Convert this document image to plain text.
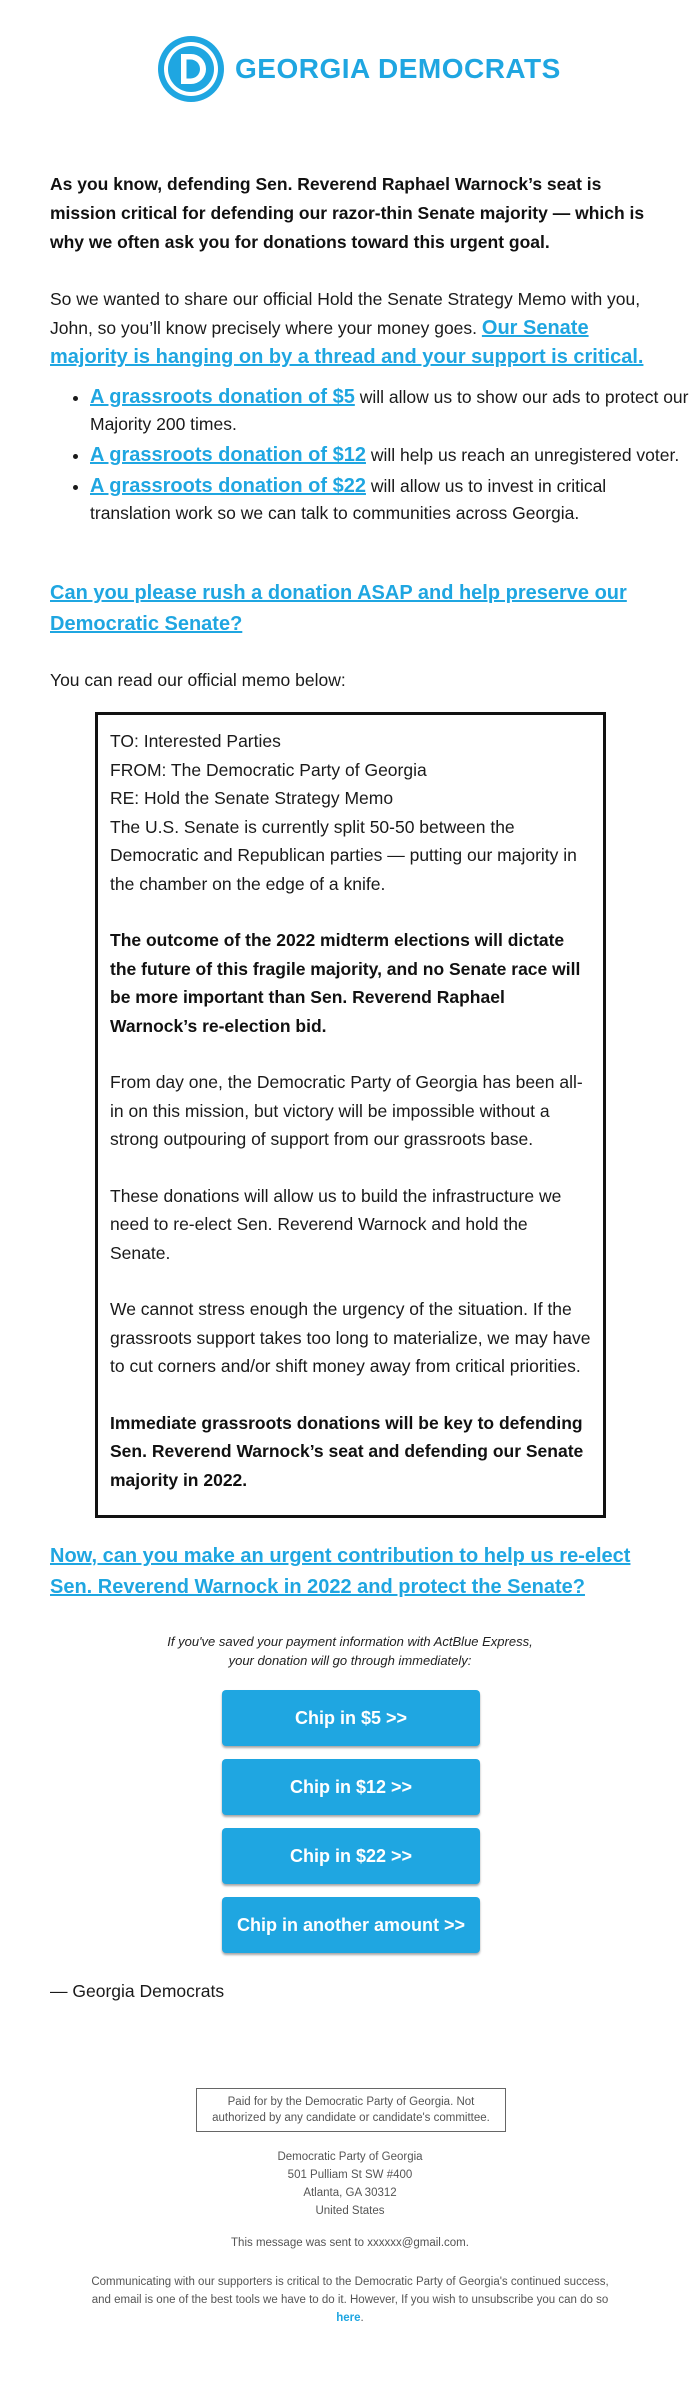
GEORGIA DEMOCRATS

As you know, defending Sen. Reverend Raphael Warnock’s seat is mission critical for defending our razor-thin Senate majority — which is why we often ask you for donations toward this urgent goal.

So we wanted to share our official Hold the Senate Strategy Memo with you, John, so you’ll know precisely where your money goes. Our Senate majority is hanging on by a thread and your support is critical.

• A grassroots donation of $5 will allow us to show our ads to protect our Majority 200 times.
• A grassroots donation of $12 will help us reach an unregistered voter.
• A grassroots donation of $22 will allow us to invest in critical translation work so we can talk to communities across Georgia.

Can you please rush a donation ASAP and help preserve our Democratic Senate?

You can read our official memo below:

TO: Interested Parties
FROM: The Democratic Party of Georgia
RE: Hold the Senate Strategy Memo
The U.S. Senate is currently split 50-50 between the Democratic and Republican parties — putting our majority in the chamber on the edge of a knife.
The outcome of the 2022 midterm elections will dictate the future of this fragile majority, and no Senate race will be more important than Sen. Reverend Raphael Warnock’s re-election bid.
From day one, the Democratic Party of Georgia has been all-in on this mission, but victory will be impossible without a strong outpouring of support from our grassroots base.
These donations will allow us to build the infrastructure we need to re-elect Sen. Reverend Warnock and hold the Senate.
We cannot stress enough the urgency of the situation. If the grassroots support takes too long to materialize, we may have to cut corners and/or shift money away from critical priorities.
Immediate grassroots donations will be key to defending Sen. Reverend Warnock’s seat and defending our Senate majority in 2022.

Now, can you make an urgent contribution to help us re-elect Sen. Reverend Warnock in 2022 and protect the Senate?

If you've saved your payment information with ActBlue Express,
your donation will go through immediately:
Chip in $5 >>
Chip in $12 >>
Chip in $22 >>
Chip in another amount >>

— Georgia Democrats

Paid for by the Democratic Party of Georgia. Not authorized by any candidate or candidate's committee.
Democratic Party of Georgia
501 Pulliam St SW #400
Atlanta, GA 30312
United States
This message was sent to xxxxxx@gmail.com.
Communicating with our supporters is critical to the Democratic Party of Georgia's continued success, and email is one of the best tools we have to do it. However, If you wish to unsubscribe you can do so here.
